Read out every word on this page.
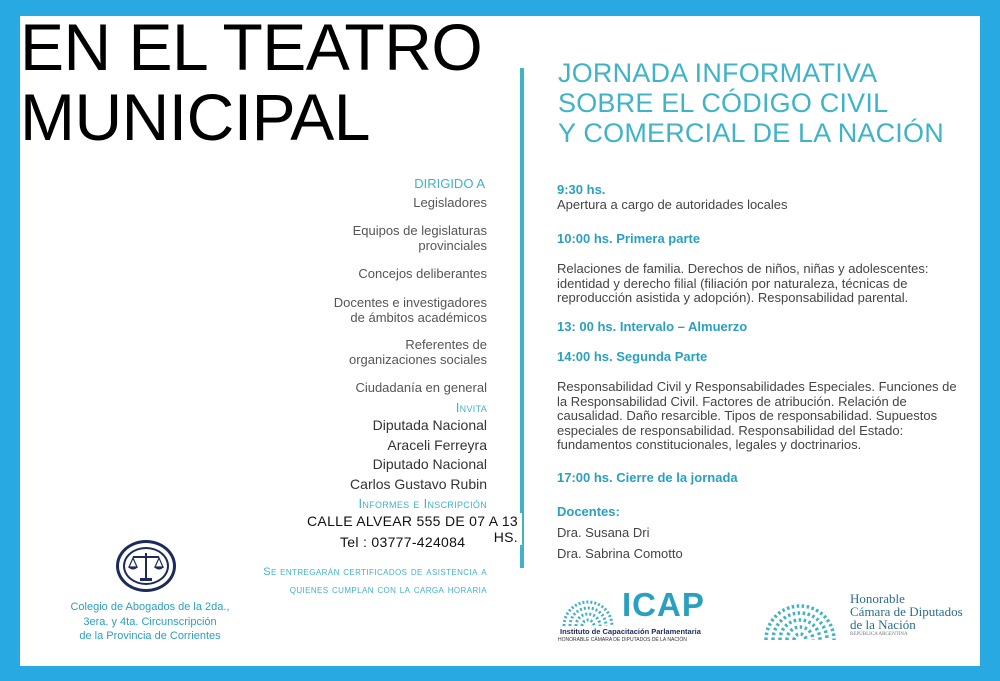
EN EL TEATRO
MUNICIPAL
JORNADA INFORMATIVA
SOBRE EL CÓDIGO CIVIL
Y COMERCIAL DE LA NACIÓN
DIRIGIDO A
Legisladores
Equipos de legislaturas
provinciales
Concejos deliberantes
Docentes e investigadores
de ámbitos académicos
Referentes de
organizaciones sociales
Ciudadanía en general
Invita
Diputada Nacional
Araceli Ferreyra
Diputado Nacional
Carlos Gustavo Rubin
Informes e Inscripción
CALLE ALVEAR 555 DE 07 A 13 HS.
Tel : 03777-424084
Se entregarán certificados de asistencia a
quienes cumplan con la carga horaria
Colegio de Abogados de la 2da.,
3era. y 4ta. Circunscripción
de la Provincia de Corrientes
9:30 hs.
Apertura a cargo de autoridades locales
10:00 hs. Primera parte
Relaciones de familia. Derechos de niños, niñas y adolescentes: identidad y derecho filial (filiación por naturaleza, técnicas de reproducción asistida y adopción). Responsabilidad parental.
13: 00 hs. Intervalo – Almuerzo
14:00 hs. Segunda Parte
Responsabilidad Civil y Responsabilidades Especiales. Funciones de la Responsabilidad Civil. Factores de atribución. Relación de causalidad. Daño resarcible. Tipos de responsabilidad. Supuestos especiales de responsabilidad. Responsabilidad del Estado: fundamentos constitucionales, legales y doctrinarios.
17:00 hs. Cierre de la jornada
Docentes:
Dra. Susana Dri
Dra. Sabrina Comotto
ICAP
Instituto de Capacitación Parlamentaria
HONORABLE CÁMARA DE DIPUTADOS DE LA NACIÓN
Honorable
Cámara de Diputados
de la Nación
REPÚBLICA ARGENTINA
